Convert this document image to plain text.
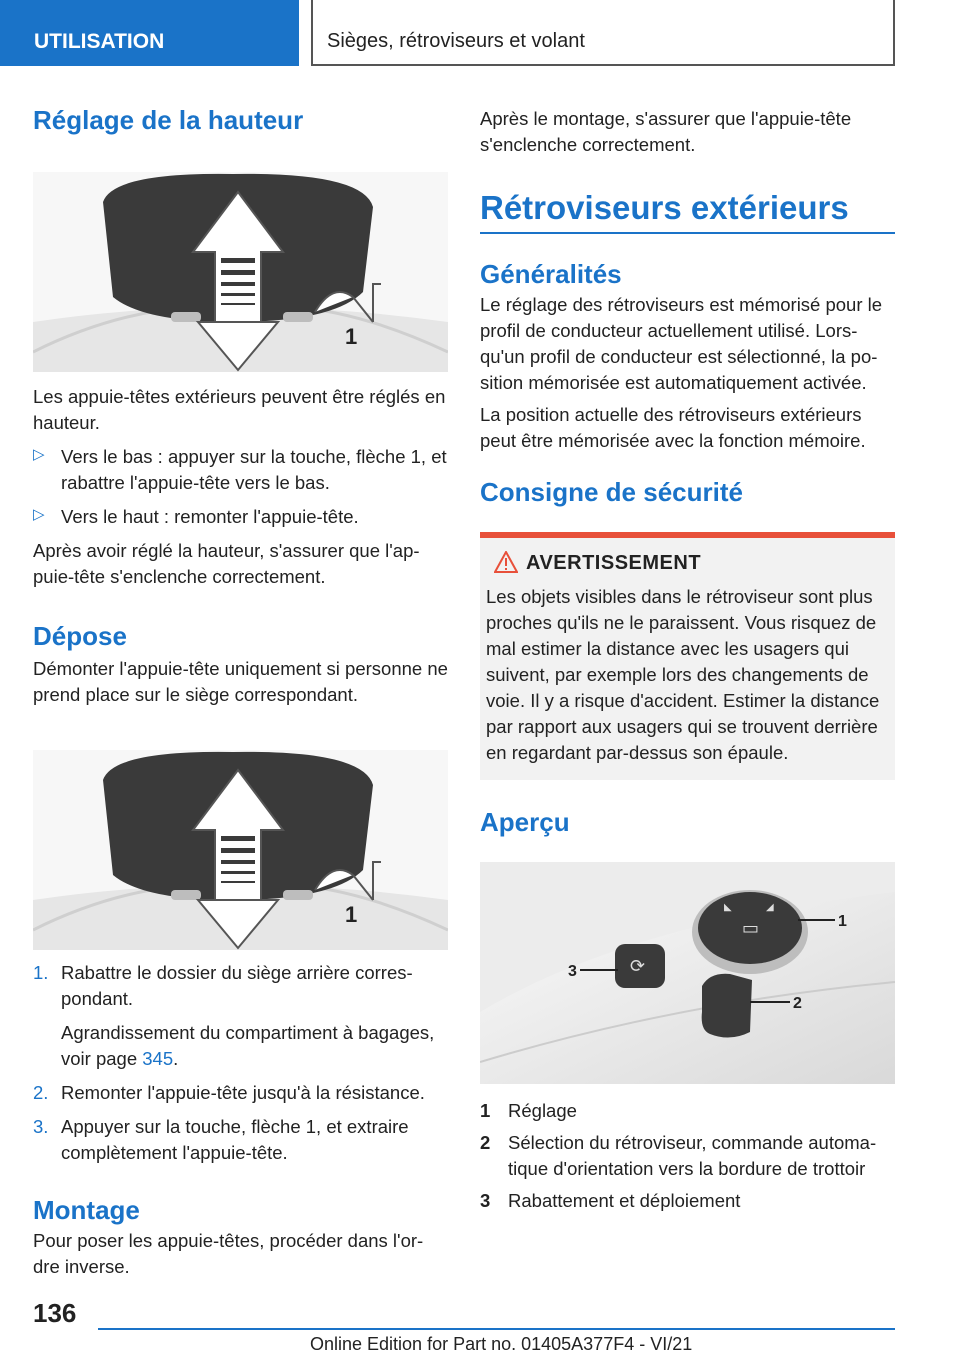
UTILISATION	Sièges, rétroviseurs et volant
Réglage de la hauteur
1

Les appuie-têtes extérieurs peuvent être réglés en hauteur.

▷ Vers le bas : appuyer sur la touche, flèche 1, et rabattre l'appuie-tête vers le bas.
▷ Vers le haut : remonter l'appuie-tête.

Après avoir réglé la hauteur, s'assurer que l'ap-puie-tête s'enclenche correctement.

Dépose

Démonter l'appuie-tête uniquement si personne ne prend place sur le siège correspondant.

1
1. Rabattre le dossier du siège arrière corres-pondant.

Agrandissement du compartiment à bagages, voir page 345.

2. Remonter l'appuie-tête jusqu'à la résistance.
3. Appuyer sur la touche, flèche 1, et extraire complètement l'appuie-tête.
Montage

Pour poser les appuie-têtes, procéder dans l'or-dre inverse.

Après le montage, s'assurer que l'appuie-tête s'enclenche correctement.

Rétroviseurs extérieurs
Généralités

Le réglage des rétroviseurs est mémorisé pour le profil de conducteur actuellement utilisé. Lors-qu'un profil de conducteur est sélectionné, la po-sition mémorisée est automatiquement activée.

La position actuelle des rétroviseurs extérieurs peut être mémorisée avec la fonction mémoire.

Consigne de sécurité
AVERTISSEMENT

Les objets visibles dans le rétroviseur sont plus proches qu'ils ne le paraissent. Vous risquez de mal estimer la distance avec les usagers qui suivent, par exemple lors des changements de voie. Il y a risque d'accident. Estimer la distance par rapport aux usagers qui se trouvent derrière en regardant par-dessus son épaule.

Aperçu
▭
◢
◣
⟳
1
2
3
1 Réglage
2 Sélection du rétroviseur, commande automa-tique d'orientation vers la bordure de trottoir
3 Rabattement et déploiement
136
Online Edition for Part no. 01405A377F4 - VI/21
